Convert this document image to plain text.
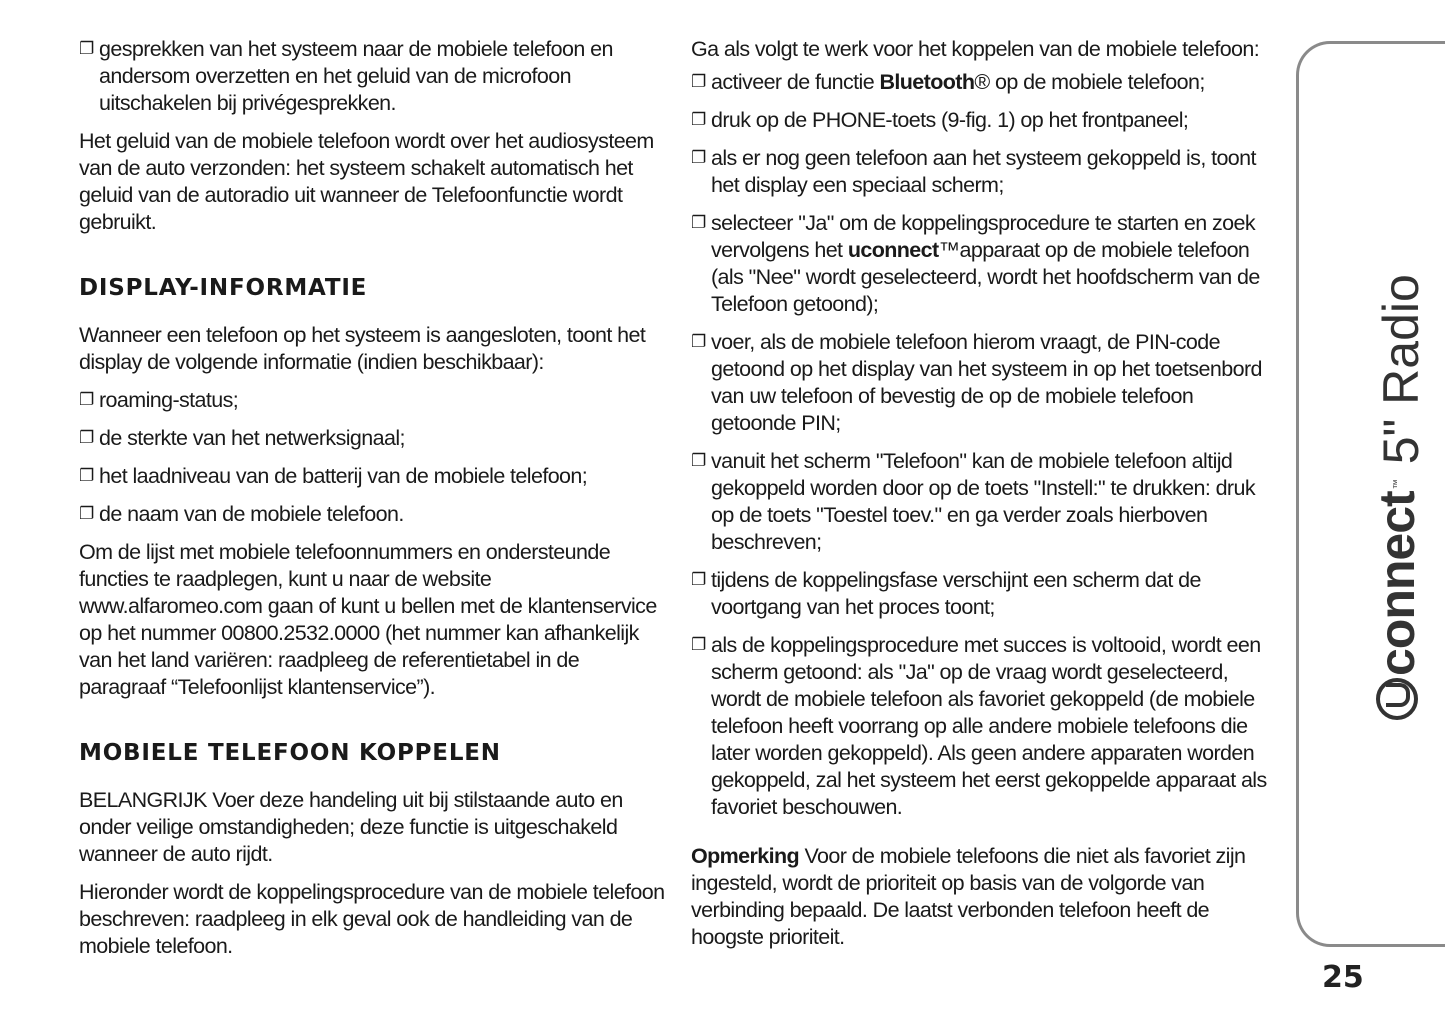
❐ gesprekken van het systeem naar de mobiele telefoon en andersom overzetten en het geluid van de microfoon uitschakelen bij privégesprekken.

Het geluid van de mobiele telefoon wordt over het audiosysteem van de auto verzonden: het systeem schakelt automatisch het geluid van de autoradio uit wanneer de Telefoonfunctie wordt gebruikt.

DISPLAY-INFORMATIE

Wanneer een telefoon op het systeem is aangesloten, toont het display de volgende informatie (indien beschikbaar):

❐ roaming-status;

❐ de sterkte van het netwerksignaal;

❐ het laadniveau van de batterij van de mobiele telefoon;

❐ de naam van de mobiele telefoon.

Om de lijst met mobiele telefoonnummers en ondersteunde functies te raadplegen, kunt u naar de website www.alfaromeo.com gaan of kunt u bellen met de klantenservice op het nummer 00800.2532.0000 (het nummer kan afhankelijk van het land variëren: raadpleeg de referentietabel in de paragraaf “Telefoonlijst klantenservice”).

MOBIELE TELEFOON KOPPELEN

BELANGRIJK Voer deze handeling uit bij stilstaande auto en onder veilige omstandigheden; deze functie is uitgeschakeld wanneer de auto rijdt.

Hieronder wordt de koppelingsprocedure van de mobiele telefoon beschreven: raadpleeg in elk geval ook de handleiding van de mobiele telefoon.

Ga als volgt te werk voor het koppelen van de mobiele telefoon:

❐ activeer de functie Bluetooth® op de mobiele telefoon;

❐ druk op de PHONE-toets (9-fig. 1) op het frontpaneel;

❐ als er nog geen telefoon aan het systeem gekoppeld is, toont het display een speciaal scherm;

❐ selecteer "Ja" om de koppelingsprocedure te starten en zoek vervolgens het uconnect™apparaat op de mobiele telefoon (als "Nee" wordt geselecteerd, wordt het hoofdscherm van de Telefoon getoond);

❐ voer, als de mobiele telefoon hierom vraagt, de PIN-code getoond op het display van het systeem in op het toetsenbord van uw telefoon of bevestig de op de mobiele telefoon getoonde PIN;

❐ vanuit het scherm "Telefoon" kan de mobiele telefoon altijd gekoppeld worden door op de toets "Instell:" te drukken: druk op de toets "Toestel toev." en ga verder zoals hierboven beschreven;

❐ tijdens de koppelingsfase verschijnt een scherm dat de voortgang van het proces toont;

❐ als de koppelingsprocedure met succes is voltooid, wordt een scherm getoond: als "Ja" op de vraag wordt geselecteerd, wordt de mobiele telefoon als favoriet gekoppeld (de mobiele telefoon heeft voorrang op alle andere mobiele telefoons die later worden gekoppeld). Als geen andere apparaten worden gekoppeld, zal het systeem het eerst gekoppelde apparaat als favoriet beschouwen.

Opmerking Voor de mobiele telefoons die niet als favoriet zijn ingesteld, wordt de prioriteit op basis van de volgorde van verbinding bepaald. De laatst verbonden telefoon heeft de hoogste prioriteit.

connect
™
5" Radio
25
